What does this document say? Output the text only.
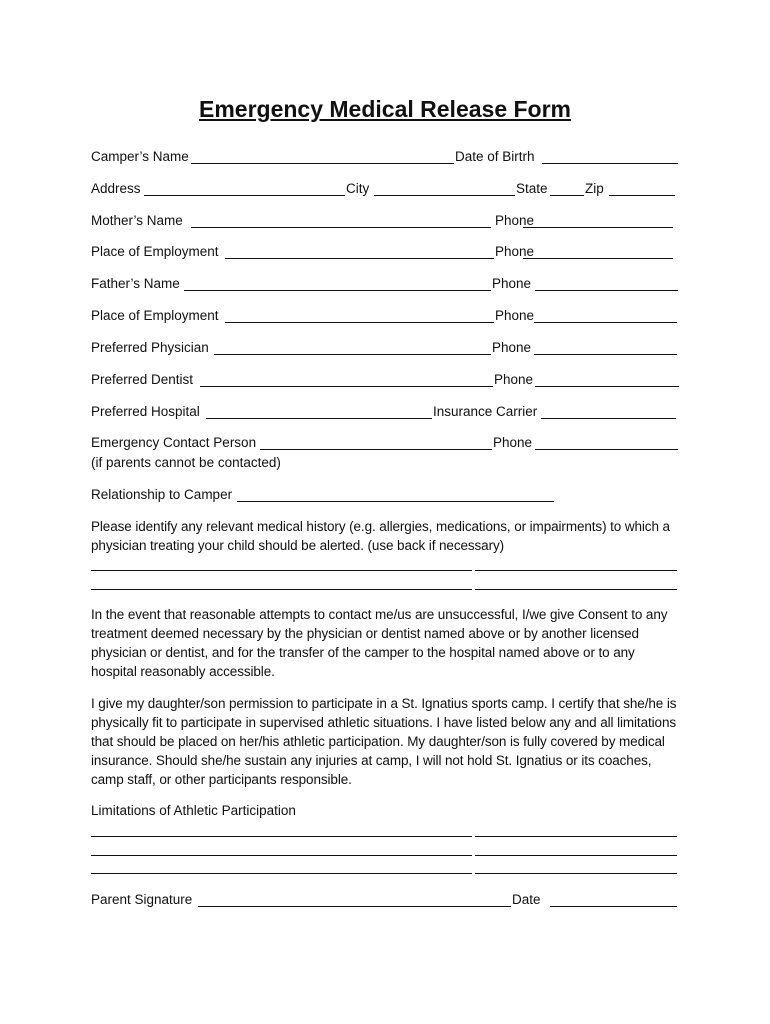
Emergency Medical Release Form
Camper’s Name	Date of Birtrh
Address	City	State	Zip
Mother’s Name	Phone
Place of Employment	Phone
Father’s Name	Phone
Place of Employment	Phone
Preferred Physician	Phone
Preferred Dentist	Phone
Preferred Hospital	Insurance Carrier
Emergency Contact Person	Phone
(if parents cannot be contacted)
Relationship to Camper

Please identify any relevant medical history (e.g. allergies, medications, or impairments) to which a physician treating your child should be alerted. (use back if necessary)

In the event that reasonable attempts to contact me/us are unsuccessful, I/we give Consent to any treatment deemed necessary by the physician or dentist named above or by another licensed physician or dentist, and for the transfer of the camper to the hospital named above or to any hospital reasonably accessible.

I give my daughter/son permission to participate in a St. Ignatius sports camp. I certify that she/he is physically fit to participate in supervised athletic situations. I have listed below any and all limitations that should be placed on her/his athletic participation. My daughter/son is fully covered by medical insurance. Should she/he sustain any injuries at camp, I will not hold St. Ignatius or its coaches, camp staff, or other participants responsible.

Limitations of Athletic Participation
Parent Signature	Date
